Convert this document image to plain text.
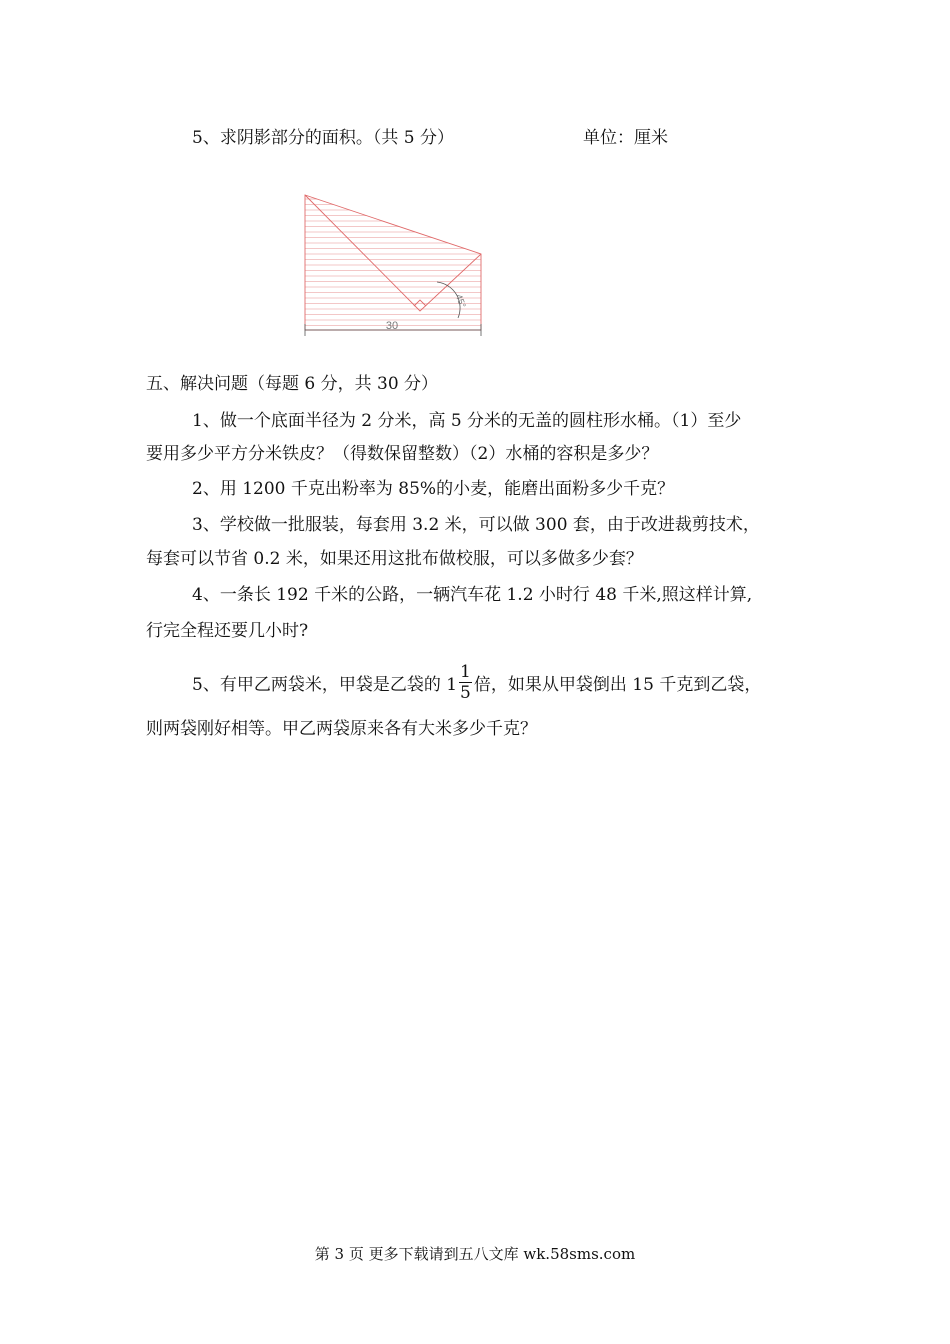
5、求阴影部分的面积。（共 5 分）	单位：厘米
30
45°
五、解决问题（每题 6 分，共 30 分）
1、做一个底面半径为 2 分米，高 5 分米的无盖的圆柱形水桶。（1）至少
要用多少平方分米铁皮？（得数保留整数）（2）水桶的容积是多少？
2、用 1200 千克出粉率为 85%的小麦，能磨出面粉多少千克？
3、学校做一批服装，每套用 3.2 米，可以做 300 套，由于改进裁剪技术，
每套可以节省 0.2 米，如果还用这批布做校服，可以多做多少套？
4、一条长 192 千米的公路，一辆汽车花 1.2 小时行 48 千米,照这样计算,
行完全程还要几小时?
5、有甲乙两袋米，甲袋是乙袋的 $1 \frac{1}{5}$ 倍，如果从甲袋倒出 15 千克到乙袋，
则两袋刚好相等。甲乙两袋原来各有大米多少千克？
第 3 页 更多下载请到五八文库 wk.58sms.com
